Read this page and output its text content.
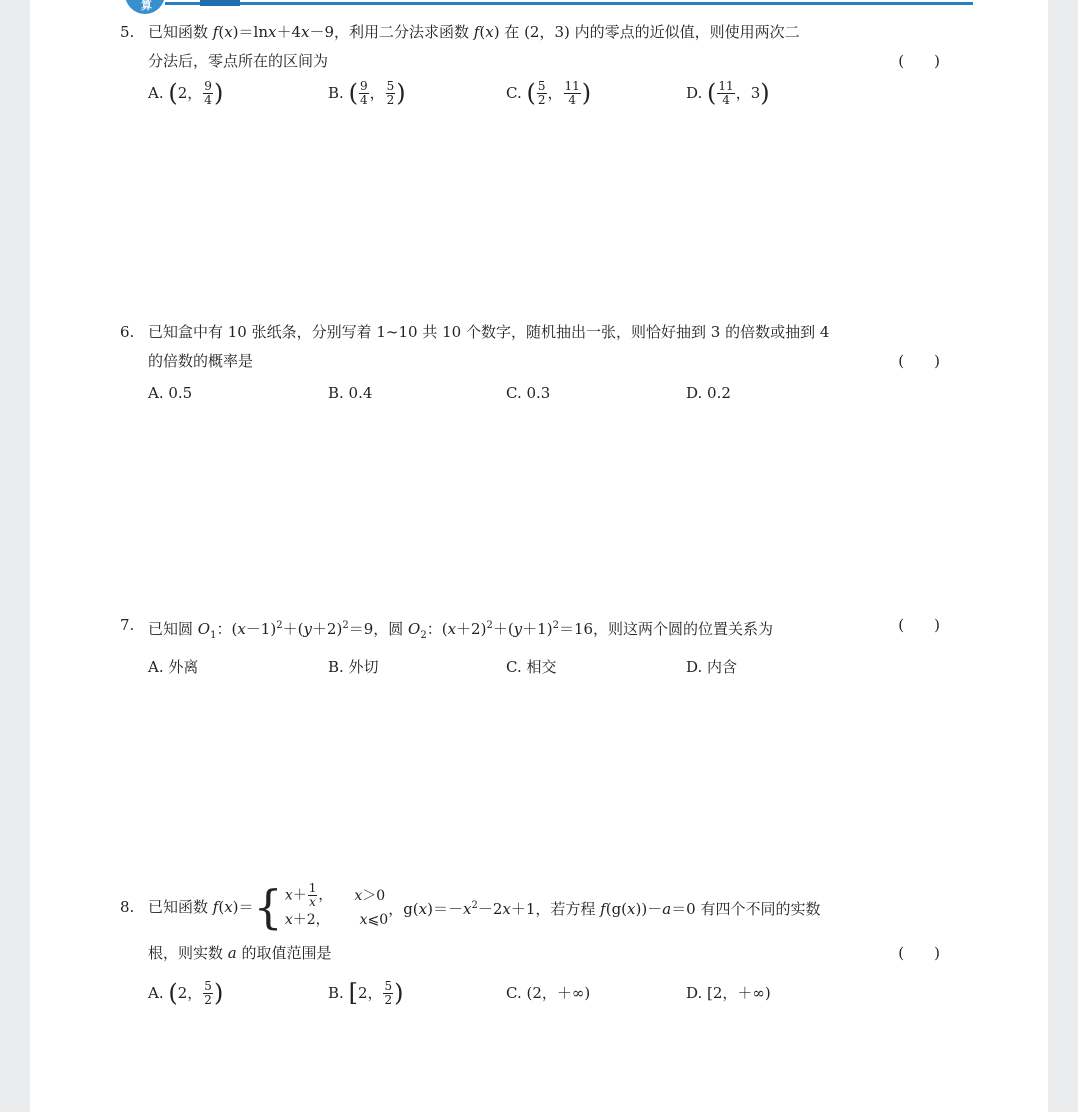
算
5. 已知函数 f(x)＝lnx＋4x－9，利用二分法求函数 f(x) 在 (2，3) 内的零点的近似值，则使用两次二
分法后，零点所在的区间为	(　　)
A. ( 2， $\frac{9}{4}$ )	B. ( $\frac{9}{4}$ ， $\frac{5}{2}$ )	C. ( $\frac{5}{2}$ ， $\frac{11}{4}$ )	D. ( $\frac{11}{4}$ ，3 )
6. 已知盒中有 10 张纸条，分别写着 1~10 共 10 个数字，随机抽出一张，则恰好抽到 3 的倍数或抽到 4
的倍数的概率是	(　　)
A. 0.5	B. 0.4	C. 0.3	D. 0.2
7. 已知圆 $O_1$：$(x-1)^2+(y+2)^2=9$，圆 $O_2$：$(x+2)^2+(y+1)^2=16$，则这两个圆的位置关系为	(　　)
A. 外离	B. 外切	C. 相交	D. 内含
8. 已知函数 f(x)＝ { $x+ \frac{1}{x}$ ， x＞0
x＋2， x⩽0
，$g(x)=-x^2-2x+1$，若方程 f(g(x))－a＝0 有四个不同的实数
根，则实数 a 的取值范围是	(　　)
A. ( 2， $\frac{5}{2}$ )	B. [ 2， $\frac{5}{2}$ )	C. (2，＋∞)	D. [2，＋∞)
